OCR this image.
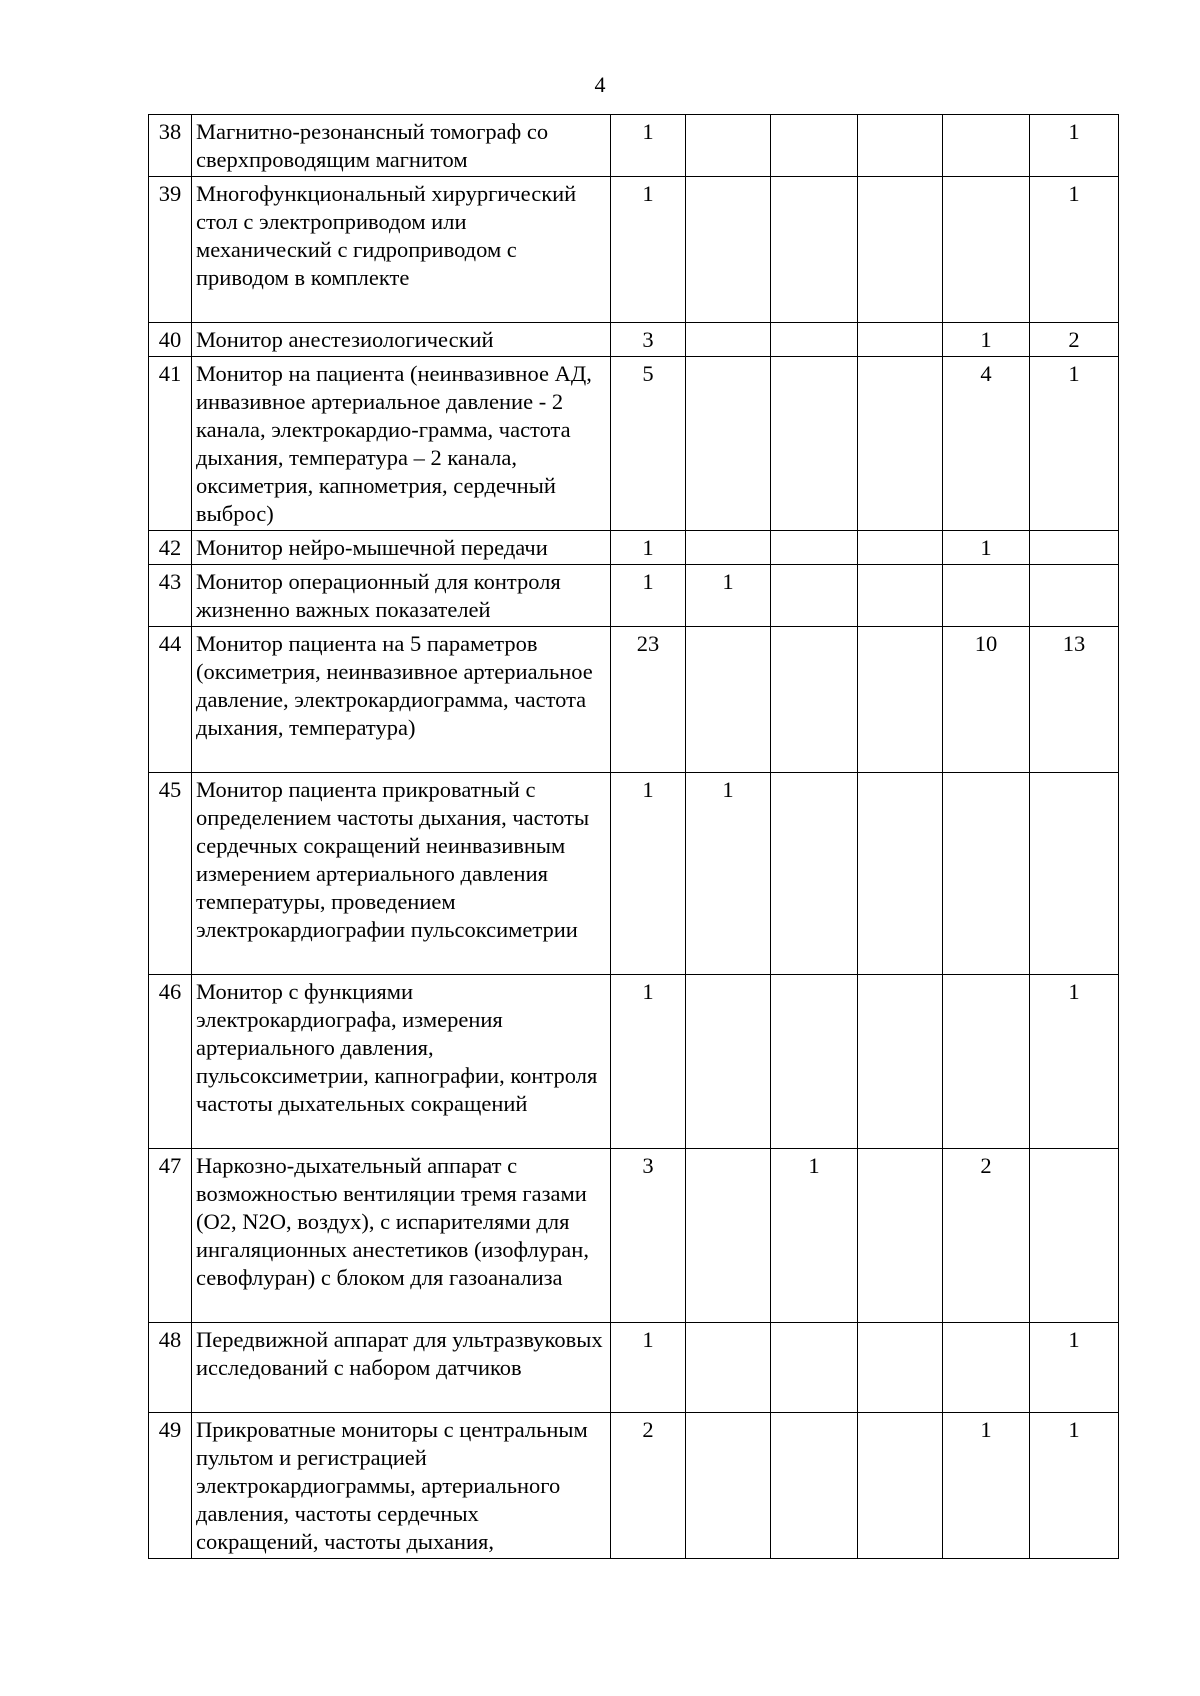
4
38	Магнитно-резонансный томограф со сверхпроводящим магнитом	1					1
39	Многофункциональный хирургический стол с электроприводом или механический с гидроприводом с приводом в комплекте	1					1
40	Монитор анестезиологический	3				1	2
41	Монитор на пациента (неинвазивное АД, инвазивное артериальное давление - 2 канала, электрокардио-грамма, частота дыхания, температура – 2 канала, оксиметрия, капнометрия, сердечный выброс)	5				4	1
42	Монитор нейро-мышечной передачи	1				1	
43	Монитор операционный для контроля жизненно важных показателей	1	1				
44	Монитор пациента на 5 параметров (оксиметрия, неинвазивное артериальное давление, электрокардиограмма, частота дыхания, температура)	23				10	13
45	Монитор пациента прикроватный с определением частоты дыхания, частоты сердечных сокращений неинвазивным измерением артериального давления температуры, проведением электрокардиографии пульсоксиметрии	1	1				
46	Монитор с функциями электрокардиографа, измерения артериального давления, пульсоксиметрии, капнографии, контроля частоты дыхательных сокращений	1					1
47	Наркозно-дыхательный аппарат с возможностью вентиляции тремя газами (О2, N2О, воздух), с испарителями для ингаляционных анестетиков (изофлуран, севофлуран) с блоком для газоанализа	3		1		2	
48	Передвижной аппарат для ультразвуковых исследований с набором датчиков	1					1
49	Прикроватные мониторы с центральным пультом и регистрацией электрокардиограммы, артериального давления, частоты сердечных сокращений, частоты дыхания,	2				1	1
